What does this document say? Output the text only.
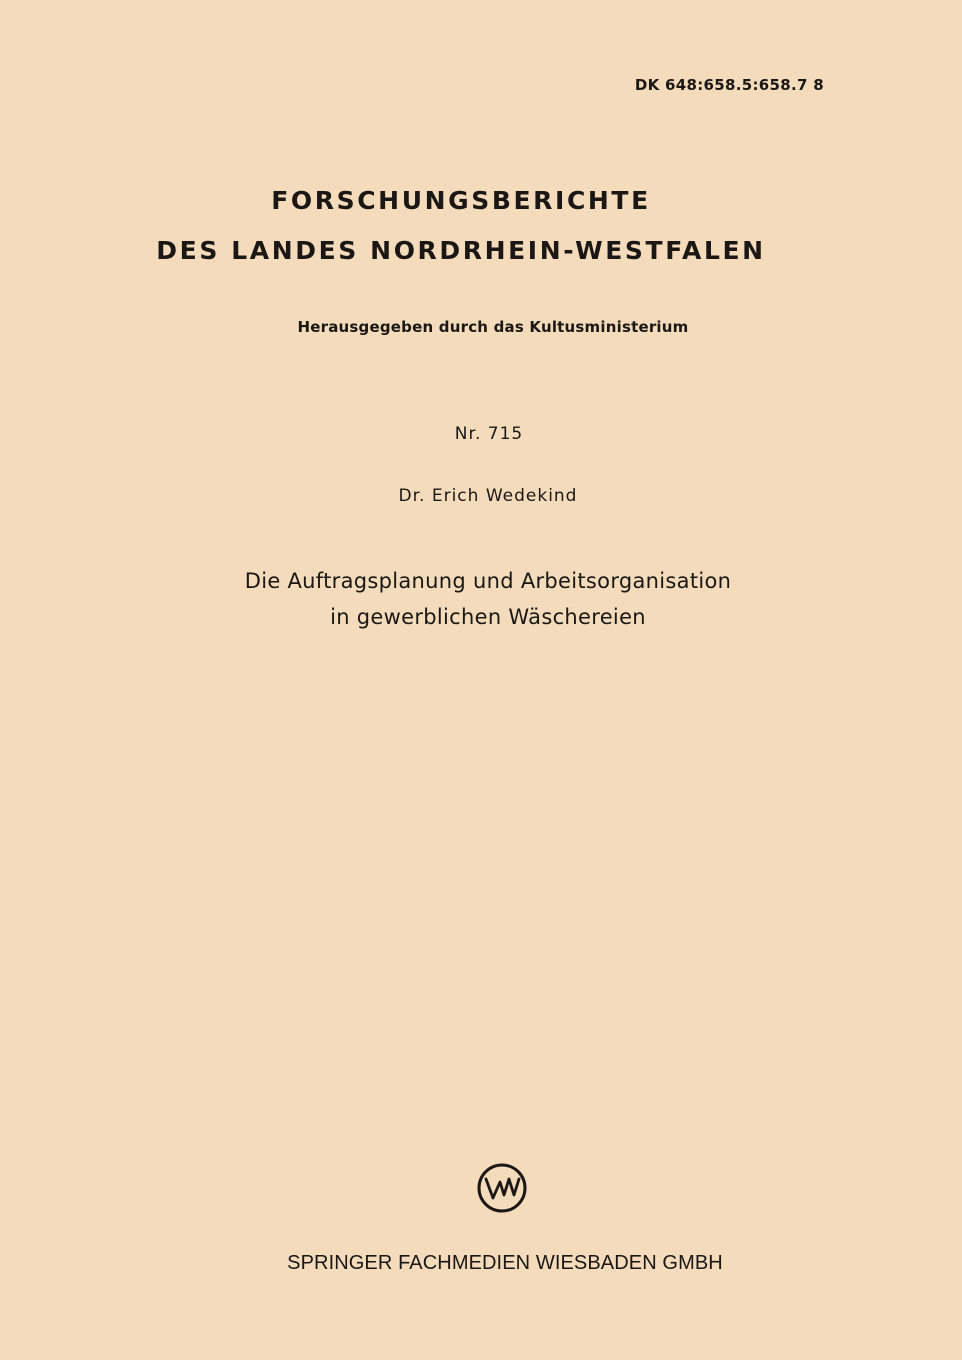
DK 648:658.5:658.7 8
FORSCHUNGSBERICHTE
DES LANDES NORDRHEIN-WESTFALEN
Herausgegeben durch das Kultusministerium
Nr. 715
Dr. Erich Wedekind
Die Auftragsplanung und Arbeitsorganisation
in gewerblichen Wäschereien
SPRINGER FACHMEDIEN WIESBADEN GMBH
